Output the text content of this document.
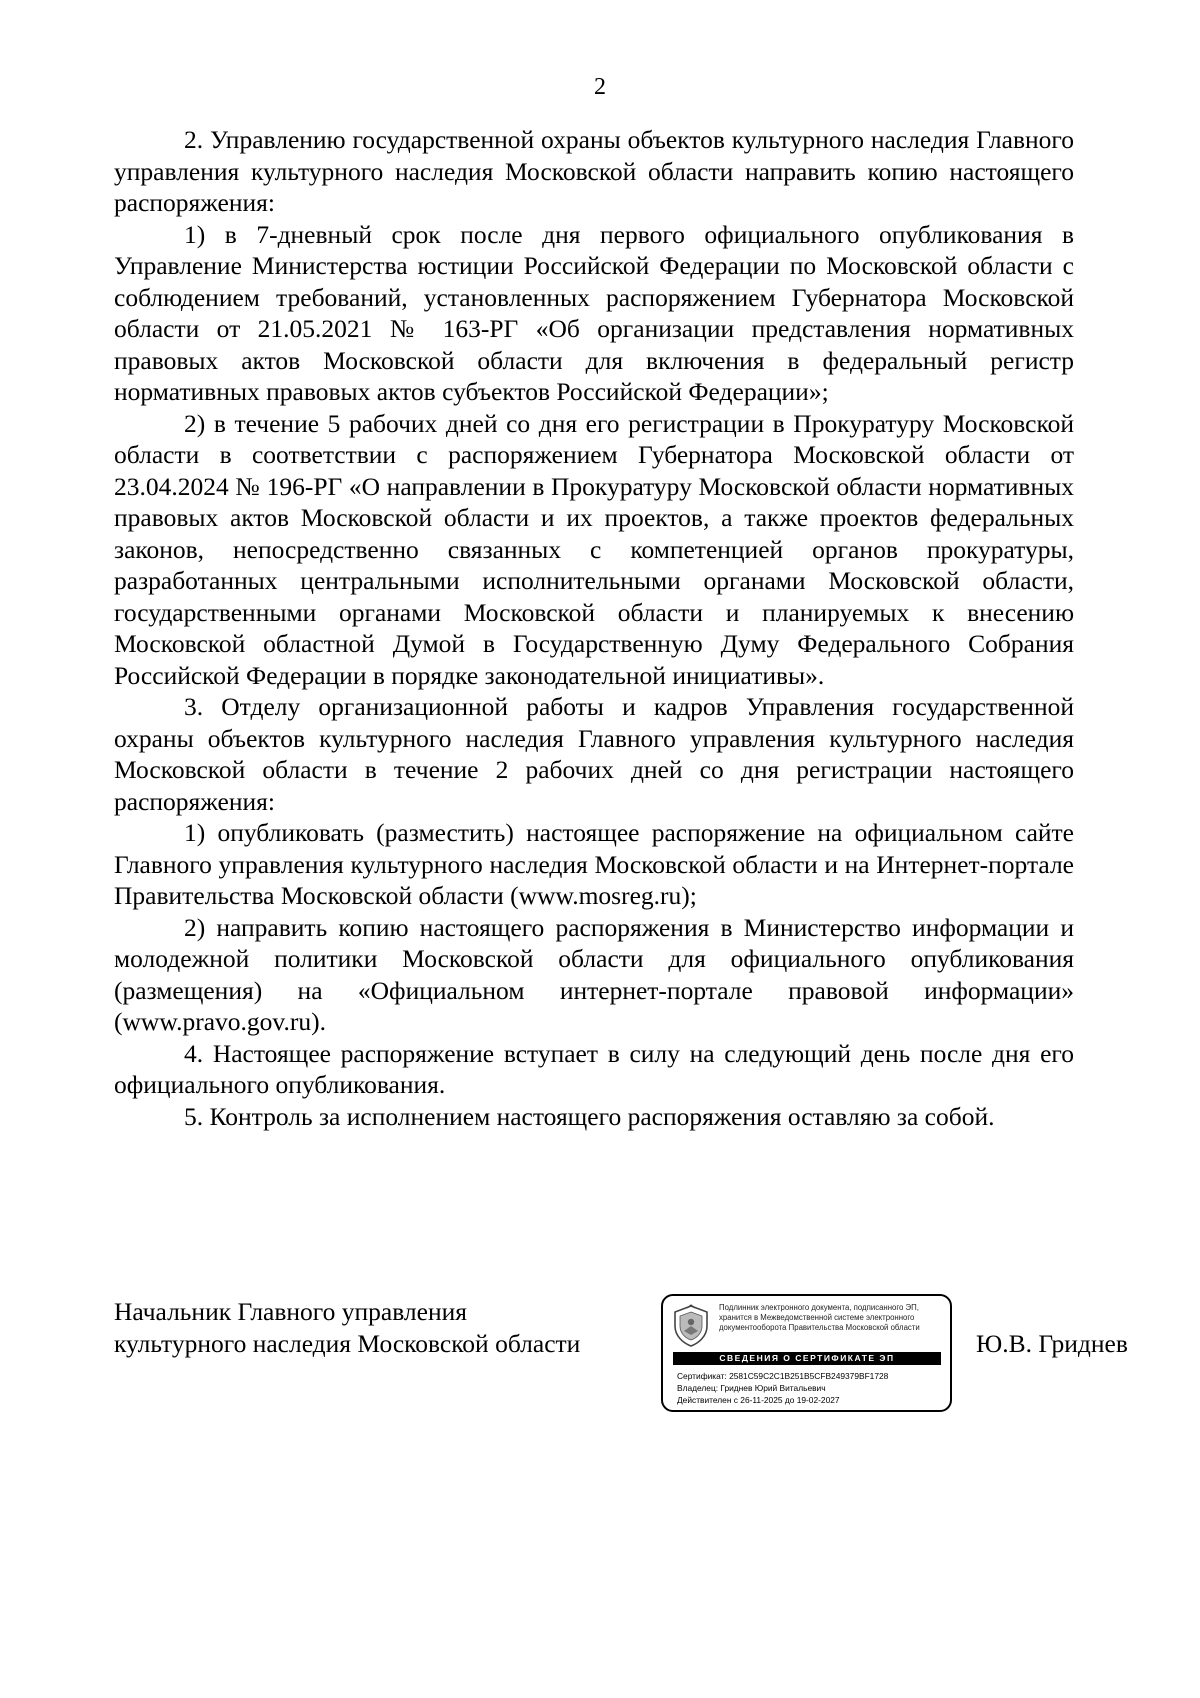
2

2. Управлению государственной охраны объектов культурного наследия Главного управления культурного наследия Московской области направить копию настоящего распоряжения:

1) в 7-дневный срок после дня первого официального опубликования в Управление Министерства юстиции Российской Федерации по Московской области с соблюдением требований, установленных распоряжением Губернатора Московской области от 21.05.2021 № 163-РГ «Об организации представления нормативных правовых актов Московской области для включения в федеральный регистр нормативных правовых актов субъектов Российской Федерации»;

2) в течение 5 рабочих дней со дня его регистрации в Прокуратуру Московской области в соответствии с распоряжением Губернатора Московской области от 23.04.2024 № 196-РГ «О направлении в Прокуратуру Московской области нормативных правовых актов Московской области и их проектов, а также проектов федеральных законов, непосредственно связанных с компетенцией органов прокуратуры, разработанных центральными исполнительными органами Московской области, государственными органами Московской области и планируемых к внесению Московской областной Думой в Государственную Думу Федерального Собрания Российской Федерации в порядке законодательной инициативы».

3. Отделу организационной работы и кадров Управления государственной охраны объектов культурного наследия Главного управления культурного наследия Московской области в течение 2 рабочих дней со дня регистрации настоящего распоряжения:

1) опубликовать (разместить) настоящее распоряжение на официальном сайте Главного управления культурного наследия Московской области и на Интернет-портале Правительства Московской области (www.mosreg.ru);

2) направить копию настоящего распоряжения в Министерство информации и молодежной политики Московской области для официального опубликования (размещения) на «Официальном интернет-портале правовой информации» (www.pravo.gov.ru).

4. Настоящее распоряжение вступает в силу на следующий день после дня его официального опубликования.

5. Контроль за исполнением настоящего распоряжения оставляю за собой.

Начальник Главного управления
культурного наследия Московской области
Подлинник электронного документа, подписанного ЭП, хранится в Межведомственной системе электронного документооборота Правительства Московской области
СВЕДЕНИЯ О СЕРТИФИКАТЕ ЭП
Сертификат: 2581C59C2C1B251B5CFB249379BF1728
Владелец: Гриднев Юрий Витальевич
Действителен с 26-11-2025 до 19-02-2027
Ю.В. Гриднев
